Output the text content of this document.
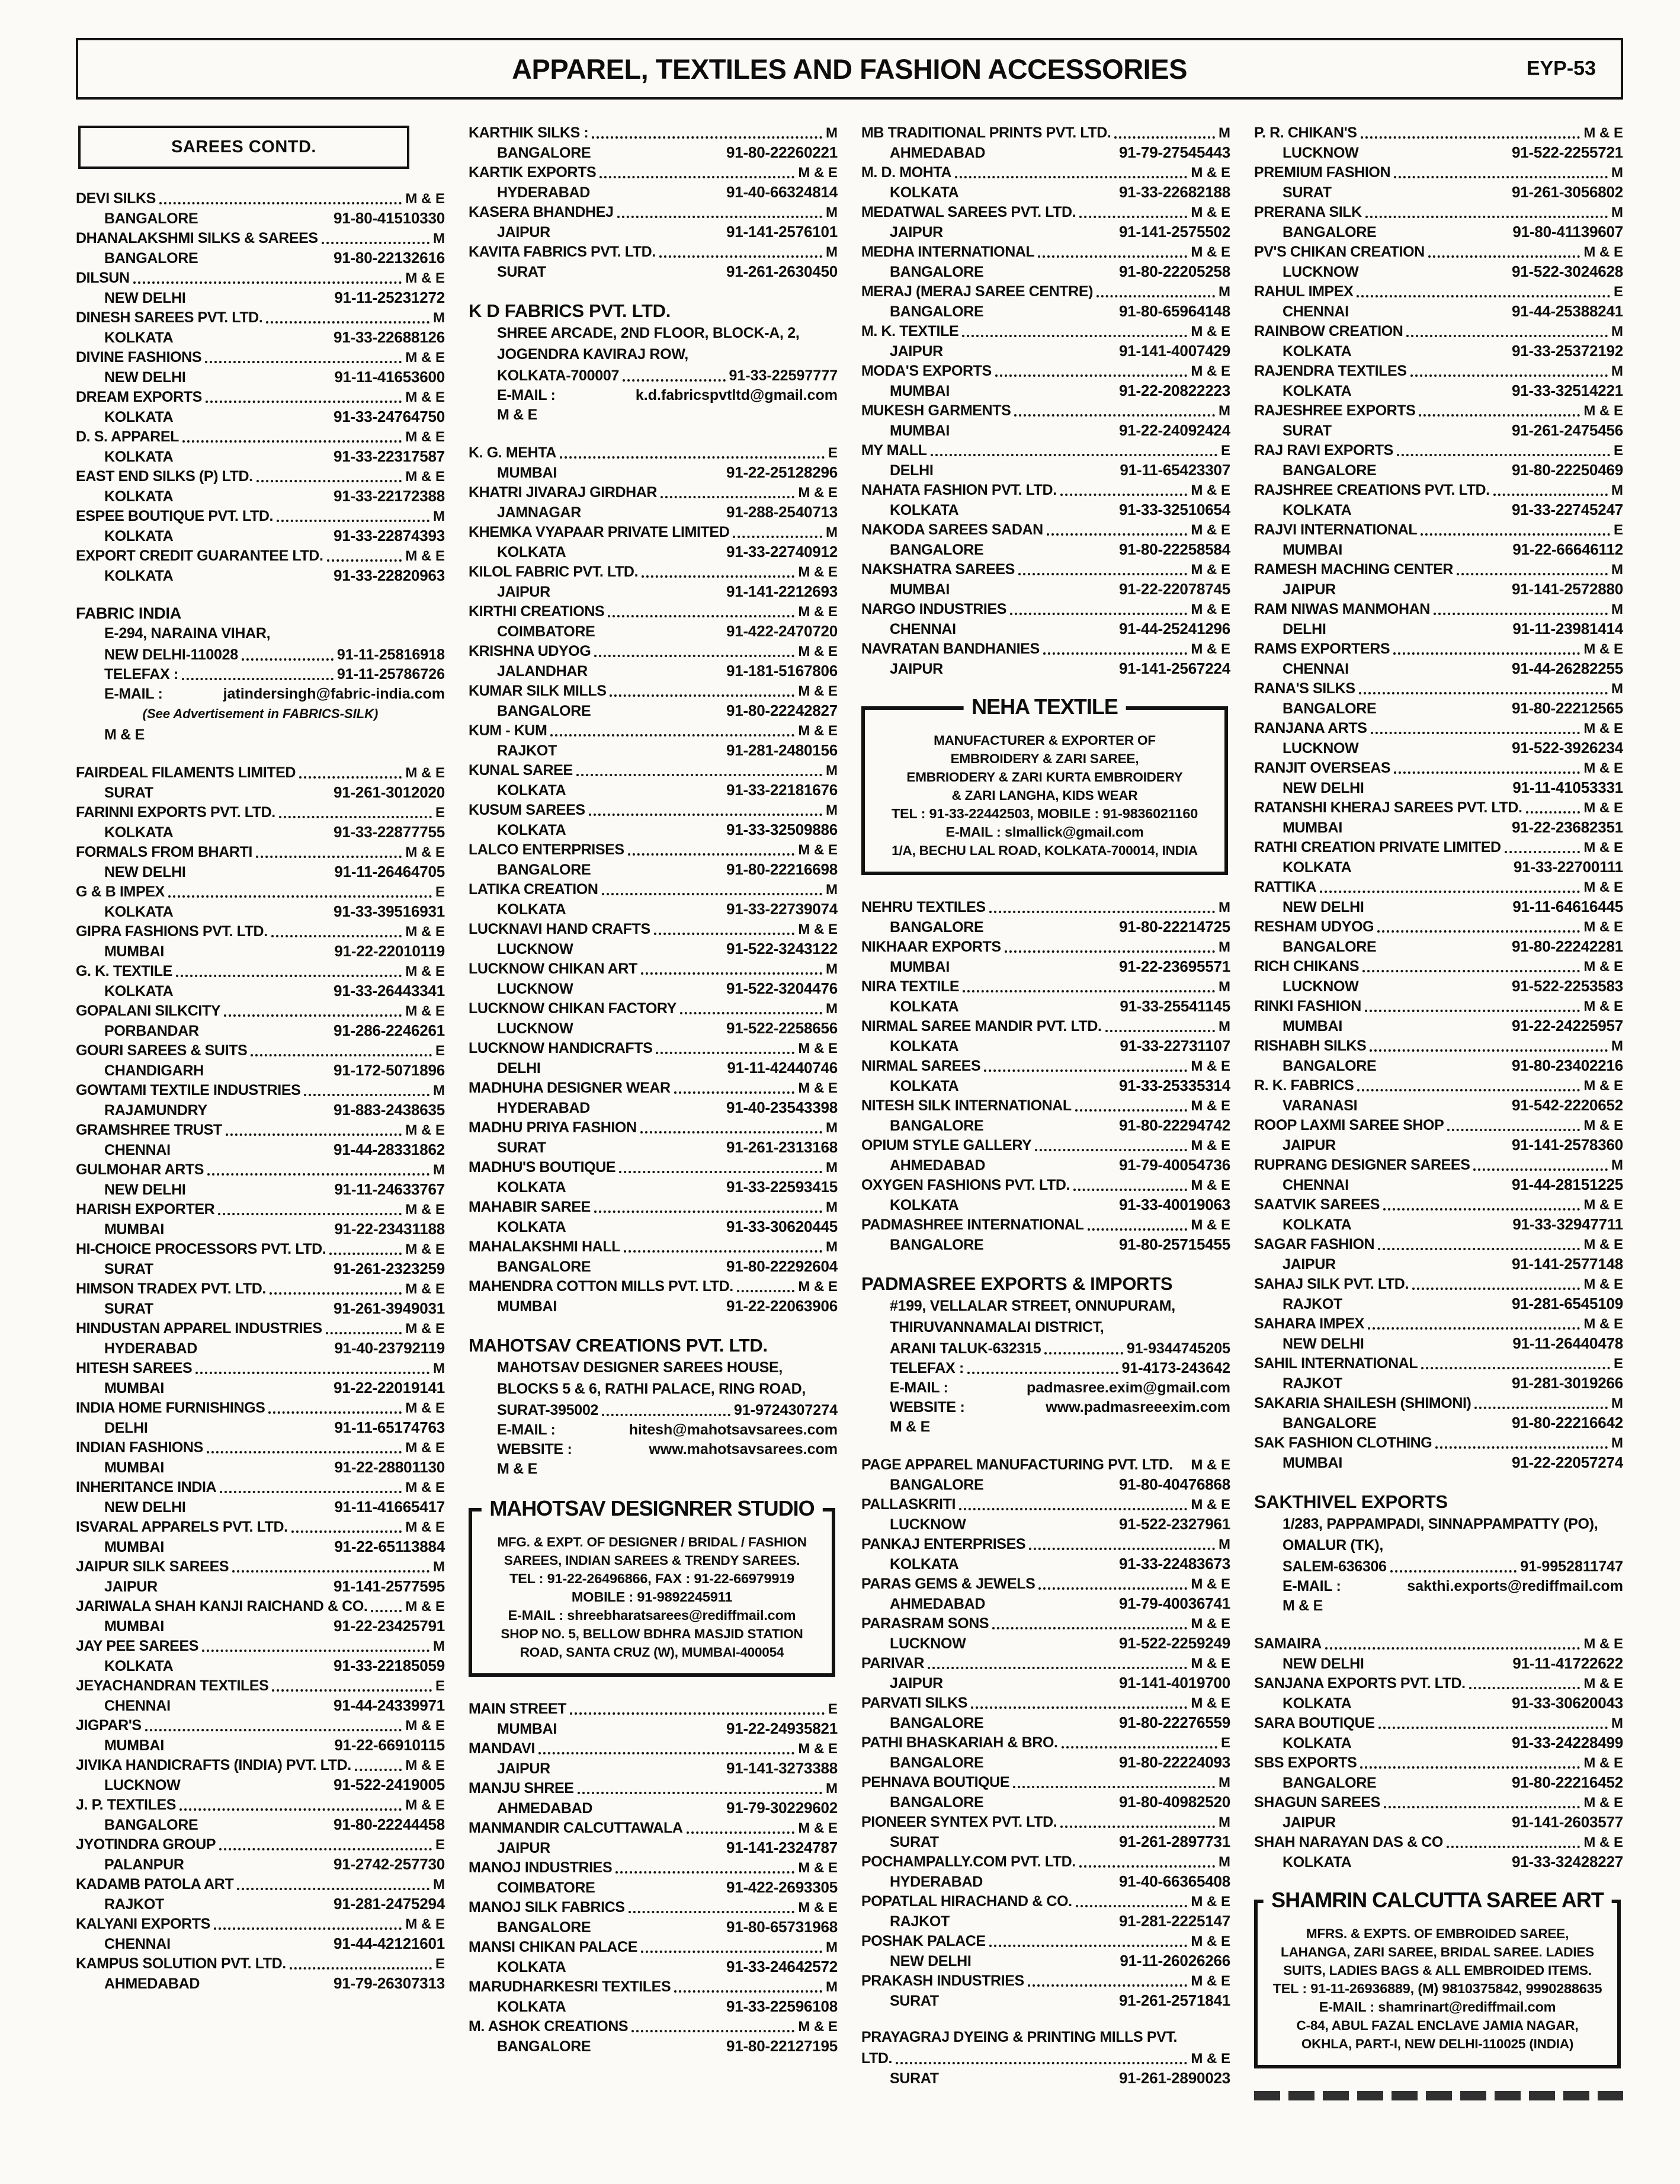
APPAREL, TEXTILES AND FASHION ACCESSORIES	EYP-53
SAREES CONTD.
DEVI SILKS	M & E
BANGALORE	91-80-41510330
DHANALAKSHMI SILKS & SAREES	M
BANGALORE	91-80-22132616
DILSUN	M & E
NEW DELHI	91-11-25231272
DINESH SAREES PVT. LTD.	M
KOLKATA	91-33-22688126
DIVINE FASHIONS	M & E
NEW DELHI	91-11-41653600
DREAM EXPORTS	M & E
KOLKATA	91-33-24764750
D. S. APPAREL	M & E
KOLKATA	91-33-22317587
EAST END SILKS (P) LTD.	M & E
KOLKATA	91-33-22172388
ESPEE BOUTIQUE PVT. LTD.	M
KOLKATA	91-33-22874393
EXPORT CREDIT GUARANTEE LTD.	M & E
KOLKATA	91-33-22820963
FABRIC INDIA
E-294, NARAINA VIHAR,
NEW DELHI-110028	91-11-25816918
TELEFAX :	91-11-25786726
E-MAIL :	jatindersingh@fabric-india.com
(See Advertisement in FABRICS-SILK)
M & E
FAIRDEAL FILAMENTS LIMITED	M & E
SURAT	91-261-3012020
FARINNI EXPORTS PVT. LTD.	E
KOLKATA	91-33-22877755
FORMALS FROM BHARTI	M & E
NEW DELHI	91-11-26464705
G & B IMPEX	E
KOLKATA	91-33-39516931
GIPRA FASHIONS PVT. LTD.	M & E
MUMBAI	91-22-22010119
G. K. TEXTILE	M & E
KOLKATA	91-33-26443341
GOPALANI SILKCITY	M & E
PORBANDAR	91-286-2246261
GOURI SAREES & SUITS	E
CHANDIGARH	91-172-5071896
GOWTAMI TEXTILE INDUSTRIES	M
RAJAMUNDRY	91-883-2438635
GRAMSHREE TRUST	M & E
CHENNAI	91-44-28331862
GULMOHAR ARTS	M
NEW DELHI	91-11-24633767
HARISH EXPORTER	M & E
MUMBAI	91-22-23431188
HI-CHOICE PROCESSORS PVT. LTD.	M & E
SURAT	91-261-2323259
HIMSON TRADEX PVT. LTD.	M & E
SURAT	91-261-3949031
HINDUSTAN APPAREL INDUSTRIES	M & E
HYDERABAD	91-40-23792119
HITESH SAREES	M
MUMBAI	91-22-22019141
INDIA HOME FURNISHINGS	M & E
DELHI	91-11-65174763
INDIAN FASHIONS	M & E
MUMBAI	91-22-28801130
INHERITANCE INDIA	M & E
NEW DELHI	91-11-41665417
ISVARAL APPARELS PVT. LTD.	M & E
MUMBAI	91-22-65113884
JAIPUR SILK SAREES	M
JAIPUR	91-141-2577595
JARIWALA SHAH KANJI RAICHAND & CO.	M & E
MUMBAI	91-22-23425791
JAY PEE SAREES	M
KOLKATA	91-33-22185059
JEYACHANDRAN TEXTILES	E
CHENNAI	91-44-24339971
JIGPAR'S	M & E
MUMBAI	91-22-66910115
JIVIKA HANDICRAFTS (INDIA) PVT. LTD.	M & E
LUCKNOW	91-522-2419005
J. P. TEXTILES	M & E
BANGALORE	91-80-22244458
JYOTINDRA GROUP	E
PALANPUR	91-2742-257730
KADAMB PATOLA ART	M
RAJKOT	91-281-2475294
KALYANI EXPORTS	M & E
CHENNAI	91-44-42121601
KAMPUS SOLUTION PVT. LTD.	E
AHMEDABAD	91-79-26307313
KARTHIK SILKS :	M
BANGALORE	91-80-22260221
KARTIK EXPORTS	M & E
HYDERABAD	91-40-66324814
KASERA BHANDHEJ	M
JAIPUR	91-141-2576101
KAVITA FABRICS PVT. LTD.	M
SURAT	91-261-2630450
K D FABRICS PVT. LTD.
SHREE ARCADE, 2ND FLOOR, BLOCK-A, 2,
JOGENDRA KAVIRAJ ROW,
KOLKATA-700007	91-33-22597777
E-MAIL :	k.d.fabricspvtltd@gmail.com
M & E
K. G. MEHTA	E
MUMBAI	91-22-25128296
KHATRI JIVARAJ GIRDHAR	M & E
JAMNAGAR	91-288-2540713
KHEMKA VYAPAAR PRIVATE LIMITED	M
KOLKATA	91-33-22740912
KILOL FABRIC PVT. LTD.	M & E
JAIPUR	91-141-2212693
KIRTHI CREATIONS	M & E
COIMBATORE	91-422-2470720
KRISHNA UDYOG	M & E
JALANDHAR	91-181-5167806
KUMAR SILK MILLS	M & E
BANGALORE	91-80-22242827
KUM - KUM	M & E
RAJKOT	91-281-2480156
KUNAL SAREE	M
KOLKATA	91-33-22181676
KUSUM SAREES	M
KOLKATA	91-33-32509886
LALCO ENTERPRISES	M & E
BANGALORE	91-80-22216698
LATIKA CREATION	M
KOLKATA	91-33-22739074
LUCKNAVI HAND CRAFTS	M & E
LUCKNOW	91-522-3243122
LUCKNOW CHIKAN ART	M
LUCKNOW	91-522-3204476
LUCKNOW CHIKAN FACTORY	M
LUCKNOW	91-522-2258656
LUCKNOW HANDICRAFTS	M & E
DELHI	91-11-42440746
MADHUHA DESIGNER WEAR	M & E
HYDERABAD	91-40-23543398
MADHU PRIYA FASHION	M
SURAT	91-261-2313168
MADHU'S BOUTIQUE	M
KOLKATA	91-33-22593415
MAHABIR SAREE	M
KOLKATA	91-33-30620445
MAHALAKSHMI HALL	M
BANGALORE	91-80-22292604
MAHENDRA COTTON MILLS PVT. LTD.	M & E
MUMBAI	91-22-22063906
MAHOTSAV CREATIONS PVT. LTD.
MAHOTSAV DESIGNER SAREES HOUSE,
BLOCKS 5 & 6, RATHI PALACE, RING ROAD,
SURAT-395002	91-9724307274
E-MAIL :	hitesh@mahotsavsarees.com
WEBSITE :	www.mahotsavsarees.com
M & E
MAHOTSAV DESIGNRER STUDIO
MFG. & EXPT. OF DESIGNER / BRIDAL / FASHION
SAREES, INDIAN SAREES & TRENDY SAREES.
TEL : 91-22-26496866, FAX : 91-22-66979919
MOBILE : 91-9892245911
E-MAIL : shreebharatsarees@rediffmail.com
SHOP NO. 5, BELLOW BDHRA MASJID STATION
ROAD, SANTA CRUZ (W), MUMBAI-400054
MAIN STREET	E
MUMBAI	91-22-24935821
MANDAVI	M & E
JAIPUR	91-141-3273388
MANJU SHREE	M
AHMEDABAD	91-79-30229602
MANMANDIR CALCUTTAWALA	M & E
JAIPUR	91-141-2324787
MANOJ INDUSTRIES	M & E
COIMBATORE	91-422-2693305
MANOJ SILK FABRICS	M & E
BANGALORE	91-80-65731968
MANSI CHIKAN PALACE	M
KOLKATA	91-33-24642572
MARUDHARKESRI TEXTILES	M
KOLKATA	91-33-22596108
M. ASHOK CREATIONS	M & E
BANGALORE	91-80-22127195
MB TRADITIONAL PRINTS PVT. LTD.	M
AHMEDABAD	91-79-27545443
M. D. MOHTA	M & E
KOLKATA	91-33-22682188
MEDATWAL SAREES PVT. LTD.	M & E
JAIPUR	91-141-2575502
MEDHA INTERNATIONAL	M & E
BANGALORE	91-80-22205258
MERAJ (MERAJ SAREE CENTRE)	M
BANGALORE	91-80-65964148
M. K. TEXTILE	M & E
JAIPUR	91-141-4007429
MODA'S EXPORTS	M & E
MUMBAI	91-22-20822223
MUKESH GARMENTS	M
MUMBAI	91-22-24092424
MY MALL	E
DELHI	91-11-65423307
NAHATA FASHION PVT. LTD.	M & E
KOLKATA	91-33-32510654
NAKODA SAREES SADAN	M & E
BANGALORE	91-80-22258584
NAKSHATRA SAREES	M & E
MUMBAI	91-22-22078745
NARGO INDUSTRIES	M & E
CHENNAI	91-44-25241296
NAVRATAN BANDHANIES	M & E
JAIPUR	91-141-2567224
NEHA TEXTILE
MANUFACTURER & EXPORTER OF
EMBROIDERY & ZARI SAREE,
EMBRIODERY & ZARI KURTA EMBROIDERY
& ZARI LANGHA, KIDS WEAR
TEL : 91-33-22442503, MOBILE : 91-9836021160
E-MAIL : slmallick@gmail.com
1/A, BECHU LAL ROAD, KOLKATA-700014, INDIA
NEHRU TEXTILES	M
BANGALORE	91-80-22214725
NIKHAAR EXPORTS	M
MUMBAI	91-22-23695571
NIRA TEXTILE	M
KOLKATA	91-33-25541145
NIRMAL SAREE MANDIR PVT. LTD.	M
KOLKATA	91-33-22731107
NIRMAL SAREES	M & E
KOLKATA	91-33-25335314
NITESH SILK INTERNATIONAL	M & E
BANGALORE	91-80-22294742
OPIUM STYLE GALLERY	M & E
AHMEDABAD	91-79-40054736
OXYGEN FASHIONS PVT. LTD.	M & E
KOLKATA	91-33-40019063
PADMASHREE INTERNATIONAL	M & E
BANGALORE	91-80-25715455
PADMASREE EXPORTS & IMPORTS
#199, VELLALAR STREET, ONNUPURAM,
THIRUVANNAMALAI DISTRICT,
ARANI TALUK-632315	91-9344745205
TELEFAX :	91-4173-243642
E-MAIL :	padmasree.exim@gmail.com
WEBSITE :	www.padmasreeexim.com
M & E
PAGE APPAREL MANUFACTURING PVT. LTD. M & E
BANGALORE	91-80-40476868
PALLASKRITI	M & E
LUCKNOW	91-522-2327961
PANKAJ ENTERPRISES	M
KOLKATA	91-33-22483673
PARAS GEMS & JEWELS	M & E
AHMEDABAD	91-79-40036741
PARASRAM SONS	M & E
LUCKNOW	91-522-2259249
PARIVAR	M & E
JAIPUR	91-141-4019700
PARVATI SILKS	M & E
BANGALORE	91-80-22276559
PATHI BHASKARIAH & BRO.	E
BANGALORE	91-80-22224093
PEHNAVA BOUTIQUE	M
BANGALORE	91-80-40982520
PIONEER SYNTEX PVT. LTD.	M
SURAT	91-261-2897731
POCHAMPALLY.COM PVT. LTD.	M
HYDERABAD	91-40-66365408
POPATLAL HIRACHAND & CO.	M & E
RAJKOT	91-281-2225147
POSHAK PALACE	M & E
NEW DELHI	91-11-26026266
PRAKASH INDUSTRIES	M & E
SURAT	91-261-2571841
PRAYAGRAJ DYEING & PRINTING MILLS PVT.
LTD.	M & E
SURAT	91-261-2890023
P. R. CHIKAN'S	M & E
LUCKNOW	91-522-2255721
PREMIUM FASHION	M
SURAT	91-261-3056802
PRERANA SILK	M
BANGALORE	91-80-41139607
PV'S CHIKAN CREATION	M & E
LUCKNOW	91-522-3024628
RAHUL IMPEX	E
CHENNAI	91-44-25388241
RAINBOW CREATION	M
KOLKATA	91-33-25372192
RAJENDRA TEXTILES	M
KOLKATA	91-33-32514221
RAJESHREE EXPORTS	M & E
SURAT	91-261-2475456
RAJ RAVI EXPORTS	E
BANGALORE	91-80-22250469
RAJSHREE CREATIONS PVT. LTD.	M
KOLKATA	91-33-22745247
RAJVI INTERNATIONAL	E
MUMBAI	91-22-66646112
RAMESH MACHING CENTER	M
JAIPUR	91-141-2572880
RAM NIWAS MANMOHAN	M
DELHI	91-11-23981414
RAMS EXPORTERS	M & E
CHENNAI	91-44-26282255
RANA'S SILKS	M
BANGALORE	91-80-22212565
RANJANA ARTS	M & E
LUCKNOW	91-522-3926234
RANJIT OVERSEAS	M & E
NEW DELHI	91-11-41053331
RATANSHI KHERAJ SAREES PVT. LTD.	M & E
MUMBAI	91-22-23682351
RATHI CREATION PRIVATE LIMITED	M & E
KOLKATA	91-33-22700111
RATTIKA	M & E
NEW DELHI	91-11-64616445
RESHAM UDYOG	M & E
BANGALORE	91-80-22242281
RICH CHIKANS	M & E
LUCKNOW	91-522-2253583
RINKI FASHION	M & E
MUMBAI	91-22-24225957
RISHABH SILKS	M
BANGALORE	91-80-23402216
R. K. FABRICS	M & E
VARANASI	91-542-2220652
ROOP LAXMI SAREE SHOP	M & E
JAIPUR	91-141-2578360
RUPRANG DESIGNER SAREES	M
CHENNAI	91-44-28151225
SAATVIK SAREES	M & E
KOLKATA	91-33-32947711
SAGAR FASHION	M & E
JAIPUR	91-141-2577148
SAHAJ SILK PVT. LTD.	M & E
RAJKOT	91-281-6545109
SAHARA IMPEX	M & E
NEW DELHI	91-11-26440478
SAHIL INTERNATIONAL	E
RAJKOT	91-281-3019266
SAKARIA SHAILESH (SHIMONI)	M
BANGALORE	91-80-22216642
SAK FASHION CLOTHING	M
MUMBAI	91-22-22057274
SAKTHIVEL EXPORTS
1/283, PAPPAMPADI, SINNAPPAMPATTY (PO),
OMALUR (TK),
SALEM-636306	91-9952811747
E-MAIL :	sakthi.exports@rediffmail.com
M & E
SAMAIRA	M & E
NEW DELHI	91-11-41722622
SANJANA EXPORTS PVT. LTD.	M & E
KOLKATA	91-33-30620043
SARA BOUTIQUE	M
KOLKATA	91-33-24228499
SBS EXPORTS	M & E
BANGALORE	91-80-22216452
SHAGUN SAREES	M & E
JAIPUR	91-141-2603577
SHAH NARAYAN DAS & CO	M & E
KOLKATA	91-33-32428227
SHAMRIN CALCUTTA SAREE ART
MFRS. & EXPTS. OF EMBROIDED SAREE,
LAHANGA, ZARI SAREE, BRIDAL SAREE. LADIES
SUITS, LADIES BAGS & ALL EMBROIDED ITEMS.
TEL : 91-11-26936889, (M) 9810375842, 9990288635
E-MAIL : shamrinart@rediffmail.com
C-84, ABUL FAZAL ENCLAVE JAMIA NAGAR,
OKHLA, PART-I, NEW DELHI-110025 (INDIA)
